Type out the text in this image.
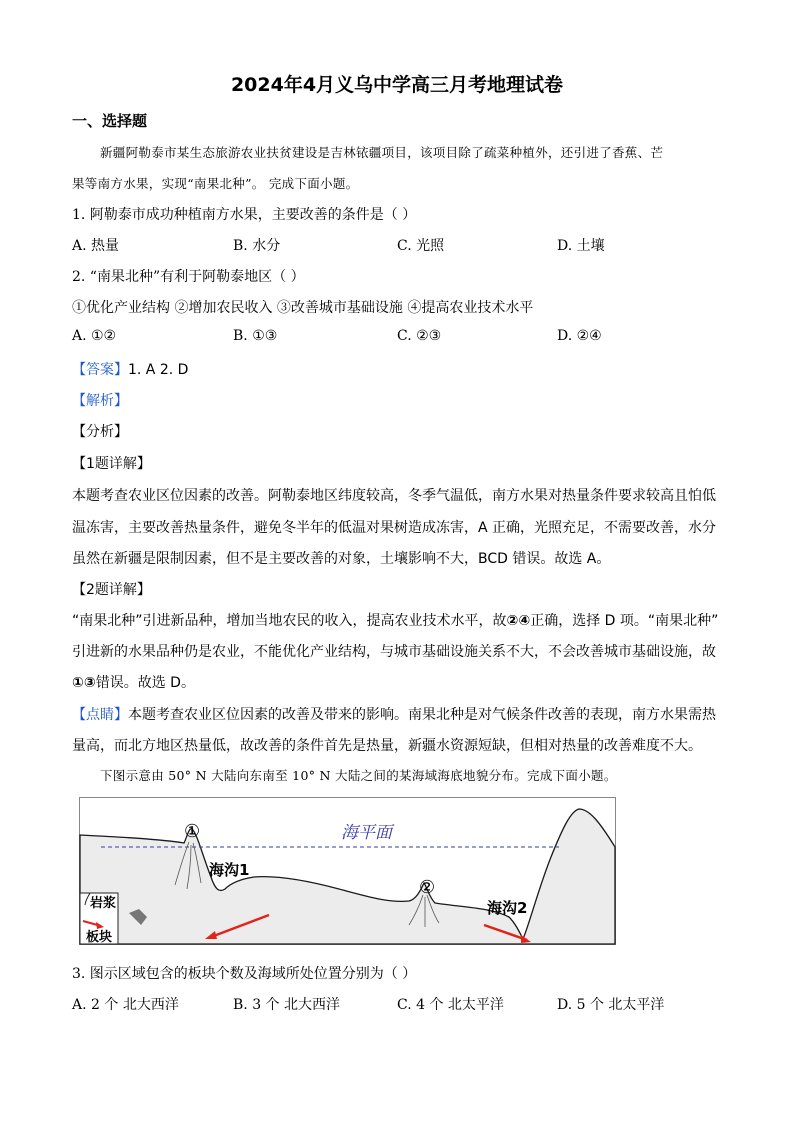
2024年4月义乌中学高三月考地理试卷
一、选择题
新疆阿勒泰市某生态旅游农业扶贫建设是吉林铱疆项目，该项目除了疏菜种植外，还引进了香蕉、芒
果等南方水果，实现“南果北种”。 完成下面小题。
1. 阿勒泰市成功种植南方水果，主要改善的条件是（ ）
A. 热量	B. 水分	C. 光照	D. 土壤
2. “南果北种”有利于阿勒泰地区（ ）
①优化产业结构 ②增加农民收入 ③改善城市基础设施 ④提高农业技术水平
A. ①②	B. ①③	C. ②③	D. ②④
【答案】1. A 2. D
【解析】
【分析】
【1题详解】
本题考查农业区位因素的改善。阿勒泰地区纬度较高，冬季气温低，南方水果对热量条件要求较高且怕低
温冻害，主要改善热量条件，避免冬半年的低温对果树造成冻害，A 正确，光照充足，不需要改善，水分
虽然在新疆是限制因素，但不是主要改善的对象，土壤影响不大，BCD 错误。故选 A。
【2题详解】
“南果北种”引进新品种，增加当地农民的收入，提高农业技术水平，故②④正确，选择 D 项。“南果北种”
引进新的水果品种仍是农业，不能优化产业结构，与城市基础设施关系不大，不会改善城市基础设施，故
①③错误。故选 D。
【点睛】本题考查农业区位因素的改善及带来的影响。南果北种是对气候条件改善的表现，南方水果需热
量高，而北方地区热量低，故改善的条件首先是热量，新疆水资源短缺，但相对热量的改善难度不大。
下图示意由 50° N 大陆向东南至 10° N 大陆之间的某海域海底地貌分布。完成下面小题。
海平面
①
②
海沟1
海沟2
岩浆
板块
3. 图示区域包含的板块个数及海域所处位置分别为（ ）
A. 2 个 北大西洋	B. 3 个 北大西洋	C. 4 个 北太平洋	D. 5 个 北太平洋
